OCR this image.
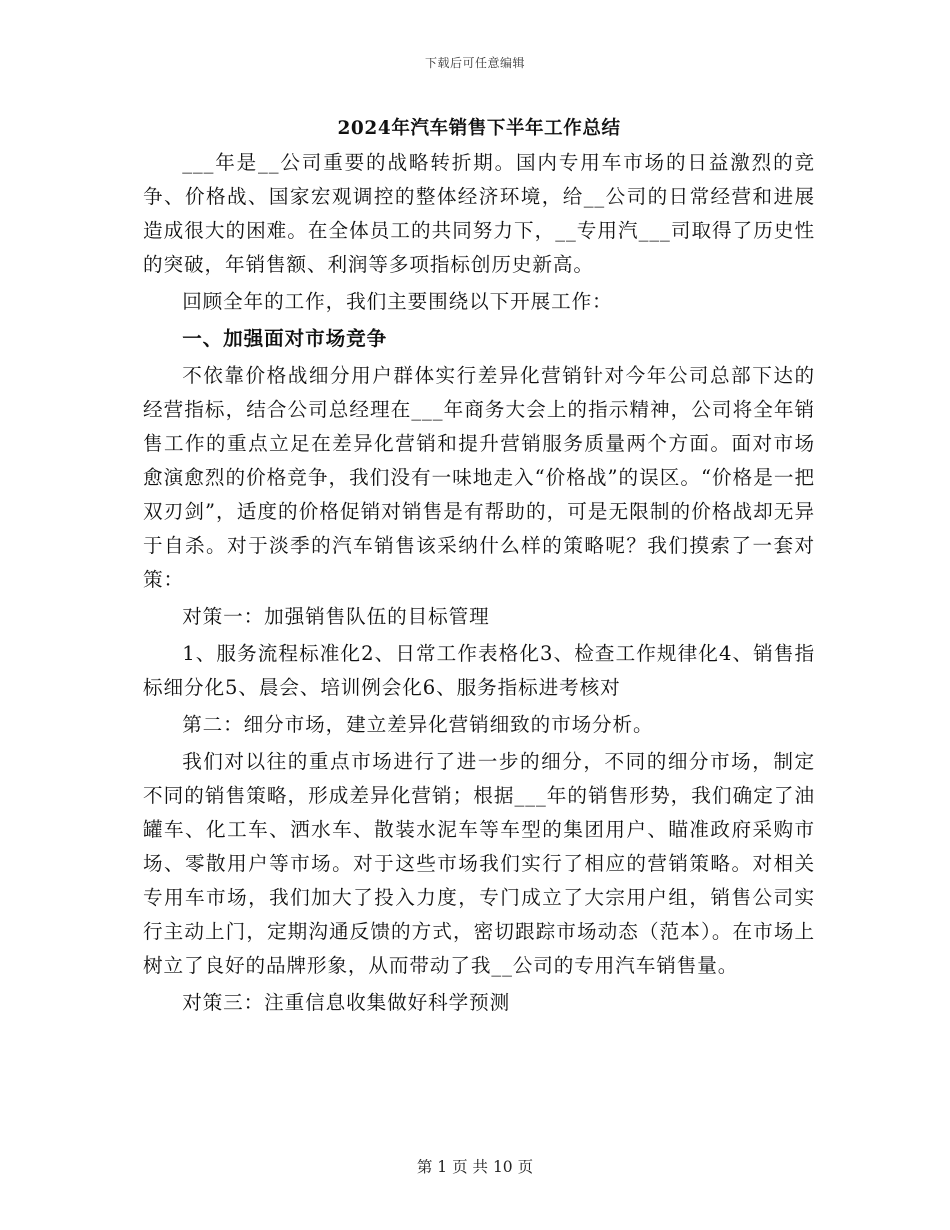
下载后可任意编辑
2024年汽车销售下半年工作总结

___年是__公司重要的战略转折期。国内专用车市场的日益激烈的竞争、价格战、国家宏观调控的整体经济环境，给__公司的日常经营和进展造成很大的困难。在全体员工的共同努力下，__专用汽___司取得了历史性的突破，年销售额、利润等多项指标创历史新高。

回顾全年的工作，我们主要围绕以下开展工作：

一、加强面对市场竞争

不依靠价格战细分用户群体实行差异化营销针对今年公司总部下达的经营指标，结合公司总经理在___年商务大会上的指示精神，公司将全年销售工作的重点立足在差异化营销和提升营销服务质量两个方面。面对市场愈演愈烈的价格竞争，我们没有一味地走入“价格战”的误区。“价格是一把双刃剑”，适度的价格促销对销售是有帮助的，可是无限制的价格战却无异于自杀。对于淡季的汽车销售该采纳什么样的策略呢？我们摸索了一套对策：

对策一：加强销售队伍的目标管理

1、服务流程标准化2、日常工作表格化3、检查工作规律化4、销售指标细分化5、晨会、培训例会化6、服务指标进考核对

第二：细分市场，建立差异化营销细致的市场分析。

我们对以往的重点市场进行了进一步的细分，不同的细分市场，制定不同的销售策略，形成差异化营销；根据___年的销售形势，我们确定了油罐车、化工车、洒水车、散装水泥车等车型的集团用户、瞄准政府采购市场、零散用户等市场。对于这些市场我们实行了相应的营销策略。对相关专用车市场，我们加大了投入力度，专门成立了大宗用户组，销售公司实行主动上门，定期沟通反馈的方式，密切跟踪市场动态（范本）。在市场上树立了良好的品牌形象，从而带动了我__公司的专用汽车销售量。

对策三：注重信息收集做好科学预测

第 1 页 共 10 页
